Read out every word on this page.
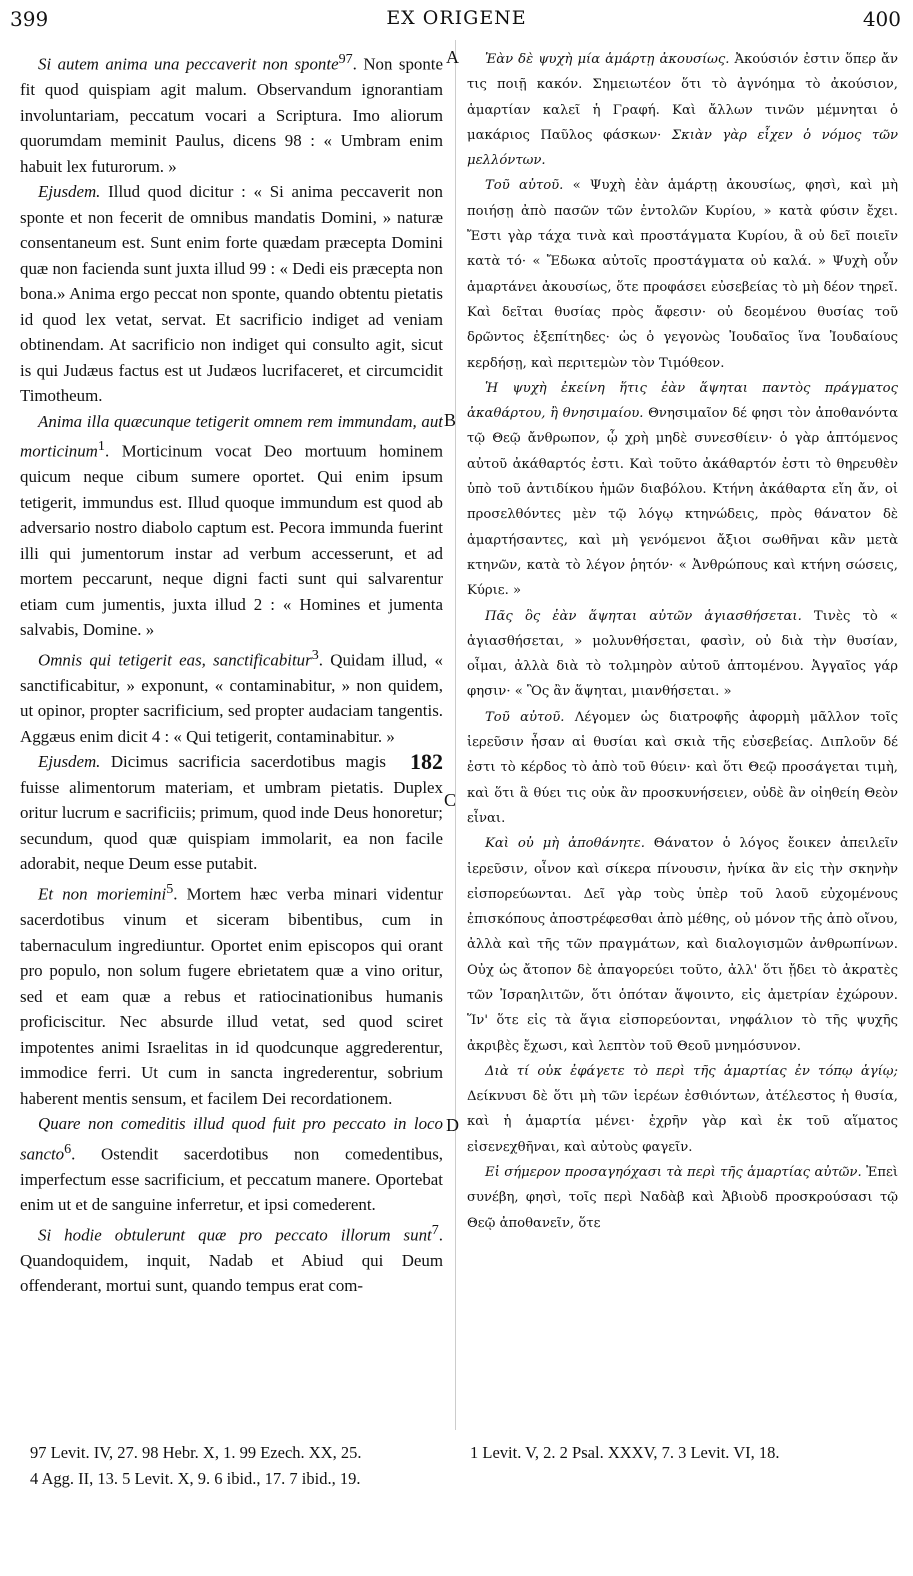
399	EX ORIGENE	400
A
B
C
D

Si autem anima una peccaverit non sponte$^{97}$. Non sponte fit quod quispiam agit malum. Observandum ignorantiam involuntariam, peccatum vocari a Scriptura. Imo aliorum quorumdam meminit Paulus, dicens 98 : « Umbram enim habuit lex futurorum. »

Ejusdem. Illud quod dicitur : « Si anima peccaverit non sponte et non fecerit de omnibus mandatis Domini, » naturæ consentaneum est. Sunt enim forte quædam præcepta Domini quæ non facienda sunt juxta illud 99 : « Dedi eis præcepta non bona.» Anima ergo peccat non sponte, quando obtentu pietatis id quod lex vetat, servat. Et sacrificio indiget ad veniam obtinendam. At sacrificio non indiget qui consulto agit, sicut is qui Judæus factus est ut Judæos lucrifaceret, et circumcidit Timotheum.

Anima illa quæcunque tetigerit omnem rem immundam, aut morticinum$^1$. Morticinum vocat Deo mortuum hominem quicum neque cibum sumere oportet. Qui enim ipsum tetigerit, immundus est. Illud quoque immundum est quod ab adversario nostro diabolo captum est. Pecora immunda fuerint illi qui jumentorum instar ad verbum accesserunt, et ad mortem peccarunt, neque digni facti sunt qui salvarentur etiam cum jumentis, juxta illud 2 : « Homines et jumenta salvabis, Domine. »

Omnis qui tetigerit eas, sanctificabitur$^3$. Quidam illud, « sanctificabitur, » exponunt, « contaminabitur, » non quidem, ut opinor, propter sacrificium, sed propter audaciam tangentis. Aggæus enim dicit 4 : « Qui tetigerit, contaminabitur. »

182
Ejusdem. Dicimus sacrificia sacerdotibus magis fuisse alimentorum materiam, et umbram pietatis. Duplex oritur lucrum e sacrificiis; primum, quod inde Deus honoretur; secundum, quod quæ quispiam immolarit, ea non facile adorabit, neque Deum esse putabit.

Et non moriemini$^5$. Mortem hæc verba minari videntur sacerdotibus vinum et siceram bibentibus, cum in tabernaculum ingrediuntur. Oportet enim episcopos qui orant pro populo, non solum fugere ebrietatem quæ a vino oritur, sed et eam quæ a rebus et ratiocinationibus humanis proficiscitur. Nec absurde illud vetat, sed quod sciret impotentes animi Israelitas in id quodcunque aggrederentur, immodice ferri. Ut cum in sancta ingrederentur, sobrium haberent mentis sensum, et facilem Dei recordationem.

Quare non comeditis illud quod fuit pro peccato in loco sancto$^6$. Ostendit sacerdotibus non comedentibus, imperfectum esse sacrificium, et peccatum manere. Oportebat enim ut et de sanguine inferretur, et ipsi comederent.

Si hodie obtulerunt quæ pro peccato illorum sunt$^7$. Quandoquidem, inquit, Nadab et Abiud qui Deum offenderant, mortui sunt, quando tempus erat com-

Ἐὰν δὲ ψυχὴ μία ἁμάρτῃ ἀκουσίως. Ἀκούσιόν ἐστιν ὅπερ ἄν τις ποιῇ κακόν. Σημειωτέον ὅτι τὸ ἀγνόημα τὸ ἀκούσιον, ἁμαρτίαν καλεῖ ἡ Γραφή. Καὶ ἄλλων τινῶν μέμνηται ὁ μακάριος Παῦλος φάσκων· Σκιὰν γὰρ εἶχεν ὁ νόμος τῶν μελλόντων.

Τοῦ αὐτοῦ. « Ψυχὴ ἐὰν ἁμάρτῃ ἀκουσίως, φησὶ, καὶ μὴ ποιήσῃ ἀπὸ πασῶν τῶν ἐντολῶν Κυρίου, » κατὰ φύσιν ἔχει. Ἔστι γὰρ τάχα τινὰ καὶ προστάγματα Κυρίου, ἃ οὐ δεῖ ποιεῖν κατὰ τό· « Ἔδωκα αὐτοῖς προστάγματα οὐ καλά. » Ψυχὴ οὖν ἁμαρτάνει ἀκουσίως, ὅτε προφάσει εὐσεβείας τὸ μὴ δέον τηρεῖ. Καὶ δεῖται θυσίας πρὸς ἄφεσιν· οὐ δεομένου θυσίας τοῦ δρῶντος ἐξεπίτηδες· ὡς ὁ γεγονὼς Ἰουδαῖος ἵνα Ἰουδαίους κερδήσῃ, καὶ περιτεμὼν τὸν Τιμόθεον.

Ἡ ψυχὴ ἐκείνη ἥτις ἐὰν ἅψηται παντὸς πράγματος ἀκαθάρτου, ἢ θνησιμαίου. Θνησιμαῖον δέ φησι τὸν ἀποθανόντα τῷ Θεῷ ἄνθρωπον, ᾧ χρὴ μηδὲ συνεσθίειν· ὁ γὰρ ἁπτόμενος αὐτοῦ ἀκάθαρτός ἐστι. Καὶ τοῦτο ἀκάθαρτόν ἐστι τὸ θηρευθὲν ὑπὸ τοῦ ἀντιδίκου ἡμῶν διαβόλου. Κτήνη ἀκάθαρτα εἴη ἄν, οἱ προσελθόντες μὲν τῷ λόγῳ κτηνώδεις, πρὸς θάνατον δὲ ἁμαρτήσαντες, καὶ μὴ γενόμενοι ἄξιοι σωθῆναι κἂν μετὰ κτηνῶν, κατὰ τὸ λέγον ῥητόν· « Ἀνθρώπους καὶ κτήνη σώσεις, Κύριε. »

Πᾶς ὃς ἐὰν ἅψηται αὐτῶν ἁγιασθήσεται. Τινὲς τὸ « ἁγιασθήσεται, » μολυνθήσεται, φασὶν, οὐ διὰ τὴν θυσίαν, οἶμαι, ἀλλὰ διὰ τὸ τολμηρὸν αὐτοῦ ἁπτομένου. Ἀγγαῖος γάρ φησιν· « Ὃς ἂν ἅψηται, μιανθήσεται. »

Τοῦ αὐτοῦ. Λέγομεν ὡς διατροφῆς ἀφορμὴ μᾶλλον τοῖς ἱερεῦσιν ἦσαν αἱ θυσίαι καὶ σκιὰ τῆς εὐσεβείας. Διπλοῦν δέ ἐστι τὸ κέρδος τὸ ἀπὸ τοῦ θύειν· καὶ ὅτι Θεῷ προσάγεται τιμὴ, καὶ ὅτι ἃ θύει τις οὐκ ἂν προσκυνήσειεν, οὐδὲ ἂν οἰηθείη Θεὸν εἶναι.

Καὶ οὐ μὴ ἀποθάνητε. Θάνατον ὁ λόγος ἔοικεν ἀπειλεῖν ἱερεῦσιν, οἶνον καὶ σίκερα πίνουσιν, ἡνίκα ἂν εἰς τὴν σκηνὴν εἰσπορεύωνται. Δεῖ γὰρ τοὺς ὑπὲρ τοῦ λαοῦ εὐχομένους ἐπισκόπους ἀποστρέφεσθαι ἀπὸ μέθης, οὐ μόνον τῆς ἀπὸ οἴνου, ἀλλὰ καὶ τῆς τῶν πραγμάτων, καὶ διαλογισμῶν ἀνθρωπίνων. Οὐχ ὡς ἄτοπον δὲ ἀπαγορεύει τοῦτο, ἀλλ' ὅτι ᾔδει τὸ ἀκρατὲς τῶν Ἰσραηλιτῶν, ὅτι ὁπόταν ἅψοιντο, εἰς ἀμετρίαν ἐχώρουν. Ἵν' ὅτε εἰς τὰ ἅγια εἰσπορεύονται, νηφάλιον τὸ τῆς ψυχῆς ἀκριβὲς ἔχωσι, καὶ λεπτὸν τοῦ Θεοῦ μνημόσυνον.

Διὰ τί οὐκ ἐφάγετε τὸ περὶ τῆς ἁμαρτίας ἐν τόπῳ ἁγίῳ; Δείκνυσι δὲ ὅτι μὴ τῶν ἱερέων ἐσθιόντων, ἀτέλεστος ἡ θυσία, καὶ ἡ ἁμαρτία μένει· ἐχρῆν γὰρ καὶ ἐκ τοῦ αἵματος εἰσενεχθῆναι, καὶ αὐτοὺς φαγεῖν.

Εἰ σήμερον προσαγηόχασι τὰ περὶ τῆς ἁμαρτίας αὐτῶν. Ἐπεὶ συνέβη, φησὶ, τοῖς περὶ Ναδὰβ καὶ Ἀβιοὺδ προσκρούσασι τῷ Θεῷ ἀποθανεῖν, ὅτε

97 Levit. IV, 27. 98 Hebr. X, 1. 99 Ezech. XX, 25.	1 Levit. V, 2. 2 Psal. XXXV, 7. 3 Levit. VI, 18.
4 Agg. II, 13. 5 Levit. X, 9. 6 ibid., 17. 7 ibid., 19.
